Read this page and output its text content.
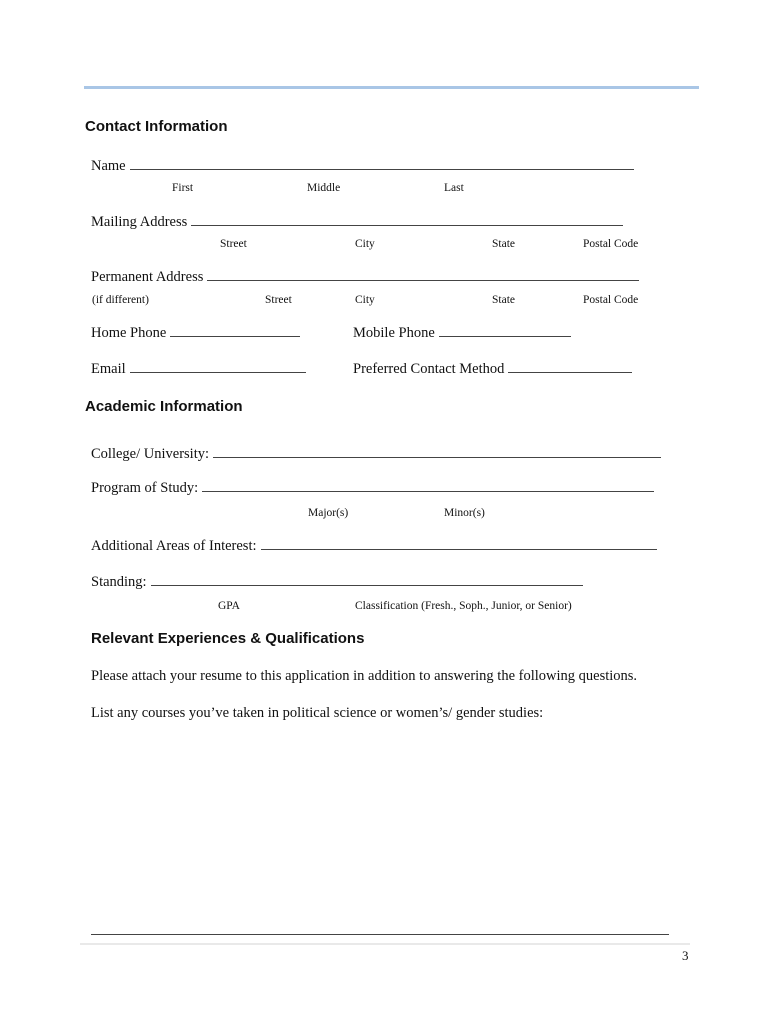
Contact Information
Name
First	Middle	Last
Mailing Address
Street	City	State	Postal Code
Permanent Address
(if different)	Street	City	State	Postal Code
Home Phone	Mobile Phone
Email	Preferred Contact Method
Academic Information
College/ University:
Program of Study:
Major(s)	Minor(s)
Additional Areas of Interest:
Standing:
GPA	Classification (Fresh., Soph., Junior, or Senior)
Relevant Experiences & Qualifications
Please attach your resume to this application in addition to answering the following questions.
List any courses you’ve taken in political science or women’s/ gender studies:
3
